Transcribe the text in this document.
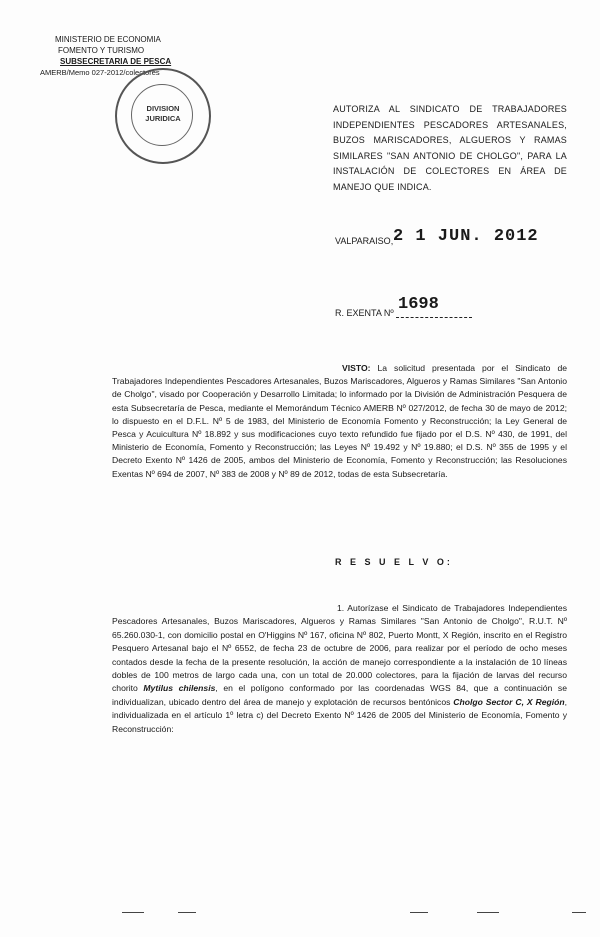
MINISTERIO DE ECONOMIA
FOMENTO Y TURISMO
SUBSECRETARIA DE PESCA
AMERB/Memo 027-2012/colectores
DIVISION
JURIDICA
AUTORIZA AL SINDICATO DE TRABAJADORES INDEPENDIENTES PESCADORES ARTESANALES, BUZOS MARISCADORES, ALGUEROS Y RAMAS SIMILARES "SAN ANTONIO DE CHOLGO", PARA LA INSTALACIÓN DE COLECTORES EN ÁREA DE MANEJO QUE INDICA.
VALPARAISO, 2 1 JUN. 2012
R. EXENTA Nº 1698
VISTO: La solicitud presentada por el Sindicato de Trabajadores Independientes Pescadores Artesanales, Buzos Mariscadores, Algueros y Ramas Similares "San Antonio de Cholgo", visado por Cooperación y Desarrollo Limitada; lo informado por la División de Administración Pesquera de esta Subsecretaría de Pesca, mediante el Memorándum Técnico AMERB Nº 027/2012, de fecha 30 de mayo de 2012; lo dispuesto en el D.F.L. Nº 5 de 1983, del Ministerio de Economía Fomento y Reconstrucción; la Ley General de Pesca y Acuicultura Nº 18.892 y sus modificaciones cuyo texto refundido fue fijado por el D.S. Nº 430, de 1991, del Ministerio de Economía, Fomento y Reconstrucción; las Leyes Nº 19.492 y Nº 19.880; el D.S. Nº 355 de 1995 y el Decreto Exento Nº 1426 de 2005, ambos del Ministerio de Economía, Fomento y Reconstrucción; las Resoluciones Exentas Nº 694 de 2007, Nº 383 de 2008 y Nº 89 de 2012, todas de esta Subsecretaría.
R E S U E L V O:
1. Autorízase el Sindicato de Trabajadores Independientes Pescadores Artesanales, Buzos Mariscadores, Algueros y Ramas Similares "San Antonio de Cholgo", R.U.T. Nº 65.260.030-1, con domicilio postal en O'Higgins Nº 167, oficina Nº 802, Puerto Montt, X Región, inscrito en el Registro Pesquero Artesanal bajo el Nº 6552, de fecha 23 de octubre de 2006, para realizar por el período de ocho meses contados desde la fecha de la presente resolución, la acción de manejo correspondiente a la instalación de 10 líneas dobles de 100 metros de largo cada una, con un total de 20.000 colectores, para la fijación de larvas del recurso chorito Mytilus chilensis, en el polígono conformado por las coordenadas WGS 84, que a continuación se individualizan, ubicado dentro del área de manejo y explotación de recursos bentónicos Cholgo Sector C, X Región, individualizada en el artículo 1º letra c) del Decreto Exento Nº 1426 de 2005 del Ministerio de Economía, Fomento y Reconstrucción:
